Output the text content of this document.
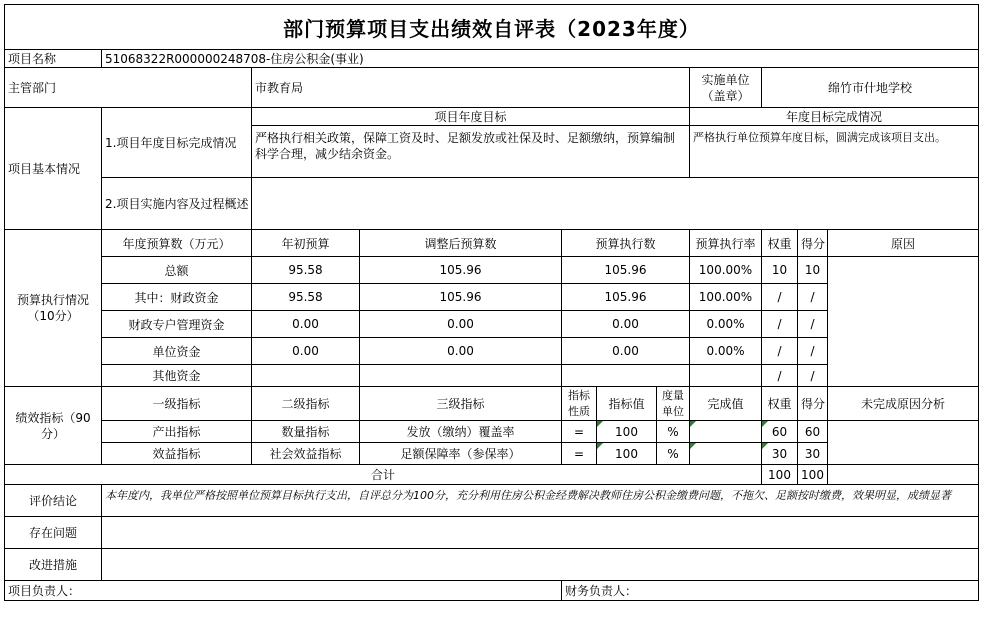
部门预算项目支出绩效自评表（2023年度）										
项目名称	51068322R000000248708-住房公积金(事业)									
主管部门		市教育局					实施单位（盖章）	绵竹市什地学校		
项目基本情况	1.项目年度目标完成情况	项目年度目标					年度目标完成情况			
		严格执行相关政策，保障工资及时、足额发放或社保及时、足额缴纳，预算编制科学合理，减少结余资金。					严格执行单位预算年度目标，圆满完成该项目支出。			
	2.项目实施内容及过程概述									
预算执行情况（10分）	年度预算数（万元）	年初预算	调整后预算数	预算执行数			预算执行率	权重	得分	原因
	总额	95.58	105.96	105.96			100.00%	10	10	
	其中：财政资金	95.58	105.96	105.96			100.00%	/	/	
	财政专户管理资金	0.00	0.00	0.00			0.00%	/	/	
	单位资金	0.00	0.00	0.00			0.00%	/	/	
	其他资金							/	/	
绩效指标（90分）	一级指标	二级指标	三级指标	指标性质	指标值	度量单位	完成值	权重	得分	未完成原因分析
	产出指标	数量指标	发放（缴纳）覆盖率	=	100	%		60	60	
	效益指标	社会效益指标	足额保障率（参保率）	=	100	%		30	30	
合计								100	100	
评价结论	本年度内，我单位严格按照单位预算目标执行支出，自评总分为100分，充分利用住房公积金经费解决教师住房公积金缴费问题，不拖欠、足额按时缴费，效果明显，成绩显著									
存在问题										
改进措施										
项目负责人：				财务负责人：						
